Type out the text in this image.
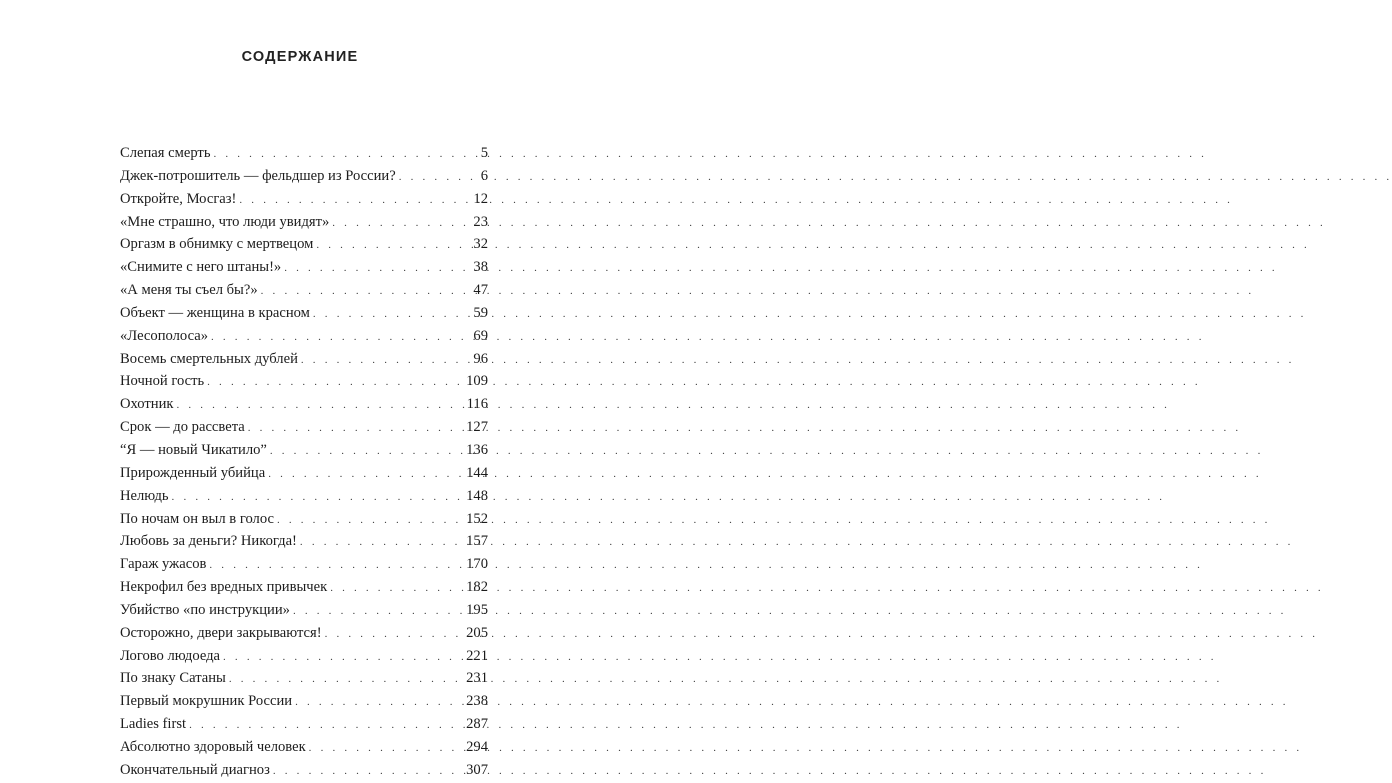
СОДЕРЖАНИЕ
Слепая смерть . . .	5
Джек-потрошитель — фельдшер из России? . . .	6
Откройте, Мосгаз! . . .	12
«Мне страшно, что люди увидят» . . .	23
Оргазм в обнимку с мертвецом . . .	32
«Снимите с него штаны!» . . .	38
«А меня ты съел бы?» . . .	47
Объект — женщина в красном . . .	59
«Лесополоса» . . .	69
Восемь смертельных дублей . . .	96
Ночной гость . . .	109
Охотник . . .	116
Срок — до рассвета . . .	127
“Я — новый Чикатило” . . .	136
Прирожденный убийца . . .	144
Нелюдь . . .	148
По ночам он выл в голос . . .	152
Любовь за деньги? Никогда! . . .	157
Гараж ужасов . . .	170
Некрофил без вредных привычек . . .	182
Убийство «по инструкции» . . .	195
Осторожно, двери закрываются! . . .	205
Логово людоеда . . .	221
По знаку Сатаны . . .	231
Первый мокрушник России . . .	238
Ladies first . . .	287
Абсолютно здоровый человек . . .	294
Окончательный диагноз . . .	307
